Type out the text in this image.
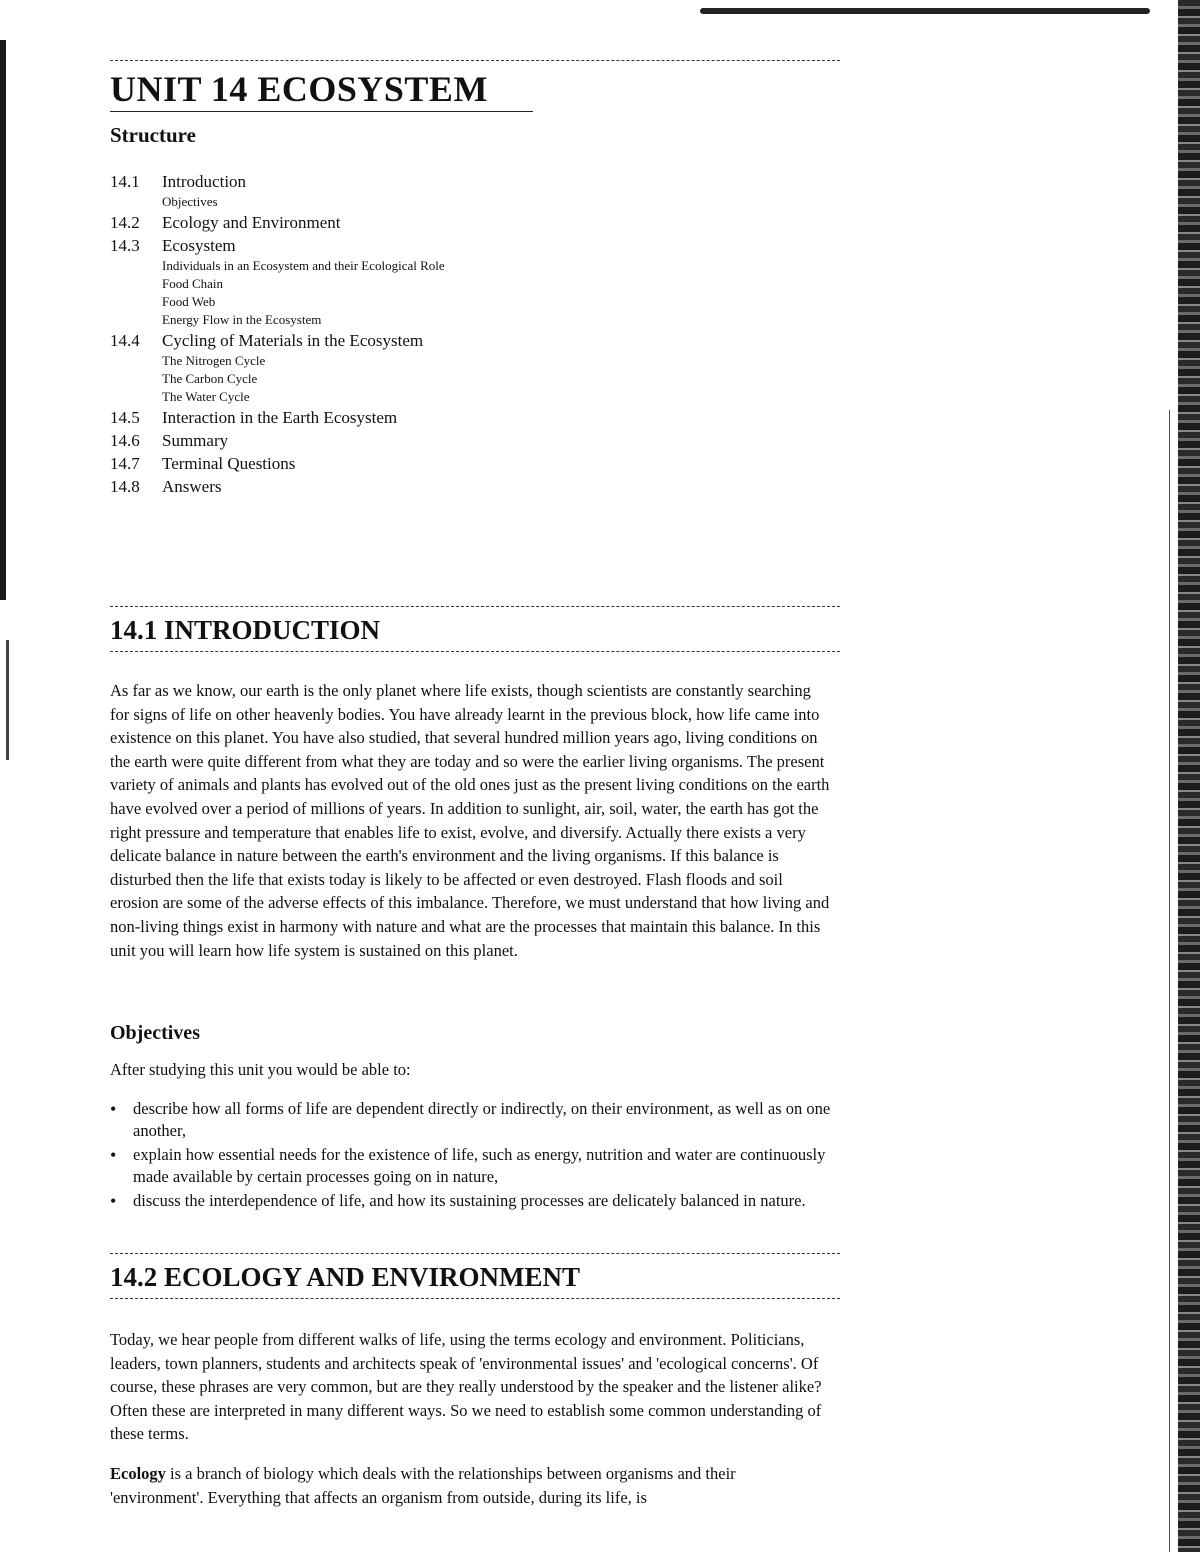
UNIT 14 ECOSYSTEM
Structure
14.1	Introduction
Objectives
14.2	Ecology and Environment
14.3	Ecosystem
Individuals in an Ecosystem and their Ecological Role
Food Chain
Food Web
Energy Flow in the Ecosystem
14.4	Cycling of Materials in the Ecosystem
The Nitrogen Cycle
The Carbon Cycle
The Water Cycle
14.5	Interaction in the Earth Ecosystem
14.6	Summary
14.7	Terminal Questions
14.8	Answers
14.1 INTRODUCTION

As far as we know, our earth is the only planet where life exists, though scientists are constantly searching for signs of life on other heavenly bodies. You have already learnt in the previous block, how life came into existence on this planet. You have also studied, that several hundred million years ago, living conditions on the earth were quite different from what they are today and so were the earlier living organisms. The present variety of animals and plants has evolved out of the old ones just as the present living conditions on the earth have evolved over a period of millions of years. In addition to sunlight, air, soil, water, the earth has got the right pressure and temperature that enables life to exist, evolve, and diversify. Actually there exists a very delicate balance in nature between the earth's environment and the living organisms. If this balance is disturbed then the life that exists today is likely to be affected or even destroyed. Flash floods and soil erosion are some of the adverse effects of this imbalance. Therefore, we must understand that how living and non-living things exist in harmony with nature and what are the processes that maintain this balance. In this unit you will learn how life system is sustained on this planet.

Objectives

After studying this unit you would be able to:

• describe how all forms of life are dependent directly or indirectly, on their environment, as well as on one another,
• explain how essential needs for the existence of life, such as energy, nutrition and water are continuously made available by certain processes going on in nature,
• discuss the interdependence of life, and how its sustaining processes are delicately balanced in nature.
14.2 ECOLOGY AND ENVIRONMENT

Today, we hear people from different walks of life, using the terms ecology and environment. Politicians, leaders, town planners, students and architects speak of 'environmental issues' and 'ecological concerns'. Of course, these phrases are very common, but are they really understood by the speaker and the listener alike? Often these are interpreted in many different ways. So we need to establish some common understanding of these terms.

Ecology is a branch of biology which deals with the relationships between organisms and their 'environment'. Everything that affects an organism from outside, during its life, is
